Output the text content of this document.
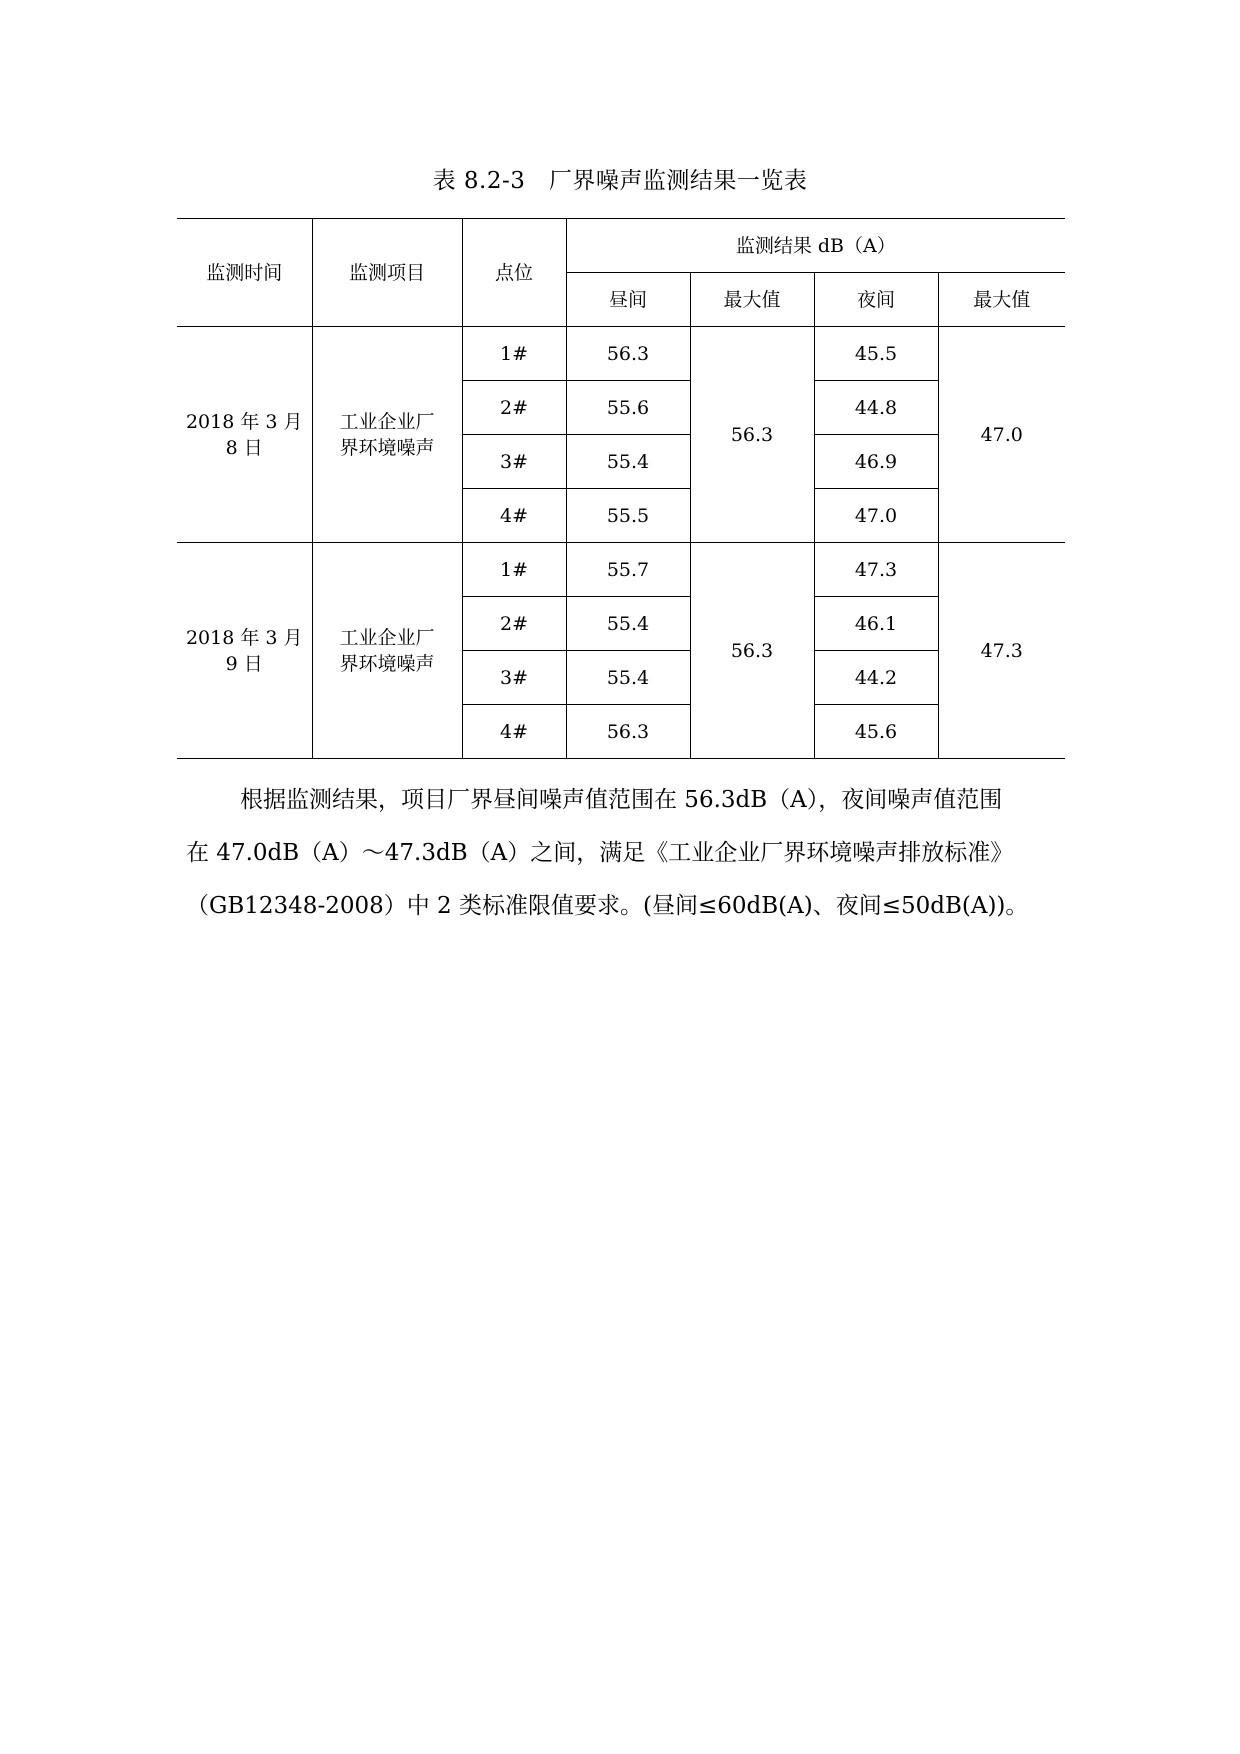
表 8.2-3　厂界噪声监测结果一览表
监测时间	监测项目	点位	监测结果 dB（A）			
			昼间	最大值	夜间	最大值

2018 年 3 月
8 日	工业企业厂
界环境噪声	1#	56.3	56.3	45.5	47.0
		2#	55.6		44.8	
		3#	55.4		46.9	
		4#	55.5		47.0	

2018 年 3 月
9 日	工业企业厂
界环境噪声	1#	55.7	56.3	47.3	47.3
		2#	55.4		46.1	
		3#	55.4		44.2	
		4#	56.3		45.6	
根据监测结果，项目厂界昼间噪声值范围在 56.3dB（A），夜间噪声值范围
在 47.0dB（A）～47.3dB（A）之间，满足《工业企业厂界环境噪声排放标准》
（GB12348-2008）中 2 类标准限值要求。(昼间≤60dB(A)、夜间≤50dB(A))。
